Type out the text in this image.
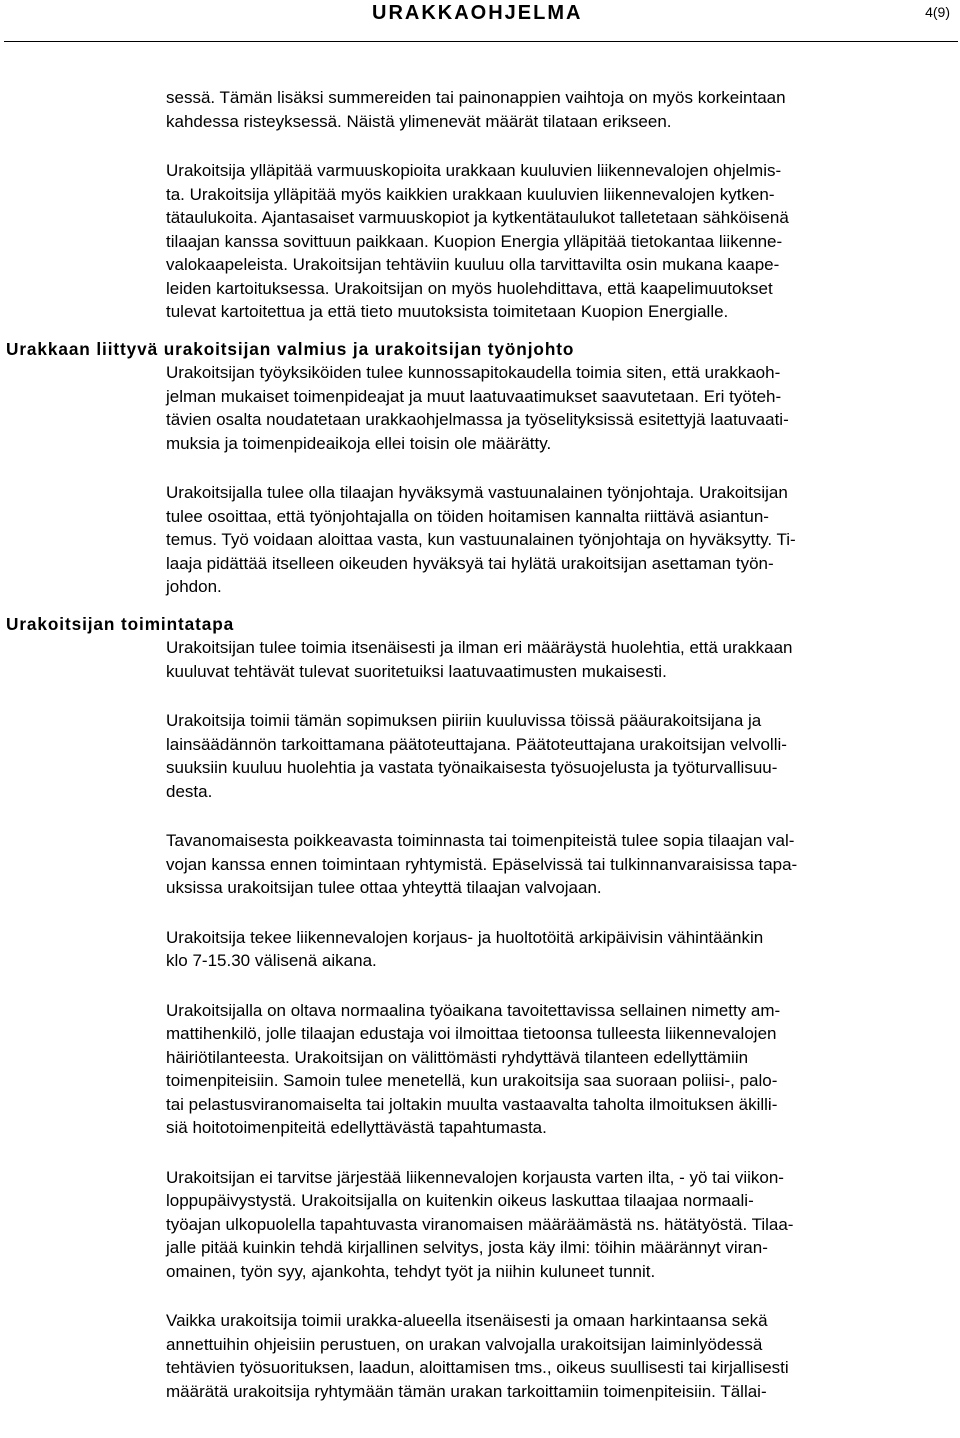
URAKKAOHJELMA	4(9)
sessä. Tämän lisäksi summereiden tai painonappien vaihtoja on myös korkeintaan
kahdessa risteyksessä. Näistä ylimenevät määrät tilataan erikseen.
Urakoitsija ylläpitää varmuuskopioita urakkaan kuuluvien liikennevalojen ohjelmis-
ta. Urakoitsija ylläpitää myös kaikkien urakkaan kuuluvien liikennevalojen kytken-
tätaulukoita. Ajantasaiset varmuuskopiot ja kytkentätaulukot talletetaan sähköisenä
tilaajan kanssa sovittuun paikkaan. Kuopion Energia ylläpitää tietokantaa liikenne-
valokaapeleista. Urakoitsijan tehtäviin kuuluu olla tarvittavilta osin mukana kaape-
leiden kartoituksessa. Urakoitsijan on myös huolehdittava, että kaapelimuutokset
tulevat kartoitettua ja että tieto muutoksista toimitetaan Kuopion Energialle.
Urakkaan liittyvä urakoitsijan valmius ja urakoitsijan työnjohto
Urakoitsijan työyksiköiden tulee kunnossapitokaudella toimia siten, että urakkaoh-
jelman mukaiset toimenpideajat ja muut laatuvaatimukset saavutetaan. Eri työteh-
tävien osalta noudatetaan urakkaohjelmassa ja työselityksissä esitettyjä laatuvaati-
muksia ja toimenpideaikoja ellei toisin ole määrätty.
Urakoitsijalla tulee olla tilaajan hyväksymä vastuunalainen työnjohtaja. Urakoitsijan
tulee osoittaa, että työnjohtajalla on töiden hoitamisen kannalta riittävä asiantun-
temus. Työ voidaan aloittaa vasta, kun vastuunalainen työnjohtaja on hyväksytty. Ti-
laaja pidättää itselleen oikeuden hyväksyä tai hylätä urakoitsijan asettaman työn-
johdon.
Urakoitsijan toimintatapa
Urakoitsijan tulee toimia itsenäisesti ja ilman eri määräystä huolehtia, että urakkaan
kuuluvat tehtävät tulevat suoritetuiksi laatuvaatimusten mukaisesti.
Urakoitsija toimii tämän sopimuksen piiriin kuuluvissa töissä pääurakoitsijana ja
lainsäädännön tarkoittamana päätoteuttajana. Päätoteuttajana urakoitsijan velvolli-
suuksiin kuuluu huolehtia ja vastata työnaikaisesta työsuojelusta ja työturvallisuu-
desta.
Tavanomaisesta poikkeavasta toiminnasta tai toimenpiteistä tulee sopia tilaajan val-
vojan kanssa ennen toimintaan ryhtymistä. Epäselvissä tai tulkinnanvaraisissa tapa-
uksissa urakoitsijan tulee ottaa yhteyttä tilaajan valvojaan.
Urakoitsija tekee liikennevalojen korjaus- ja huoltotöitä arkipäivisin vähintäänkin
klo 7-15.30 välisenä aikana.
Urakoitsijalla on oltava normaalina työaikana tavoitettavissa sellainen nimetty am-
mattihenkilö, jolle tilaajan edustaja voi ilmoittaa tietoonsa tulleesta liikennevalojen
häiriötilanteesta. Urakoitsijan on välittömästi ryhdyttävä tilanteen edellyttämiin
toimenpiteisiin. Samoin tulee menetellä, kun urakoitsija saa suoraan poliisi-, palo-
tai pelastusviranomaiselta tai joltakin muulta vastaavalta taholta ilmoituksen äkilli-
siä hoitotoimenpiteitä edellyttävästä tapahtumasta.
Urakoitsijan ei tarvitse järjestää liikennevalojen korjausta varten ilta, - yö tai viikon-
loppupäivystystä. Urakoitsijalla on kuitenkin oikeus laskuttaa tilaajaa normaali-
työajan ulkopuolella tapahtuvasta viranomaisen määräämästä ns. hätätyöstä. Tilaa-
jalle pitää kuinkin tehdä kirjallinen selvitys, josta käy ilmi: töihin määrännyt viran-
omainen, työn syy, ajankohta, tehdyt työt ja niihin kuluneet tunnit.
Vaikka urakoitsija toimii urakka-alueella itsenäisesti ja omaan harkintaansa sekä
annettuihin ohjeisiin perustuen, on urakan valvojalla urakoitsijan laiminlyödessä
tehtävien työsuorituksen, laadun, aloittamisen tms., oikeus suullisesti tai kirjallisesti
määrätä urakoitsija ryhtymään tämän urakan tarkoittamiin toimenpiteisiin. Tällai-
